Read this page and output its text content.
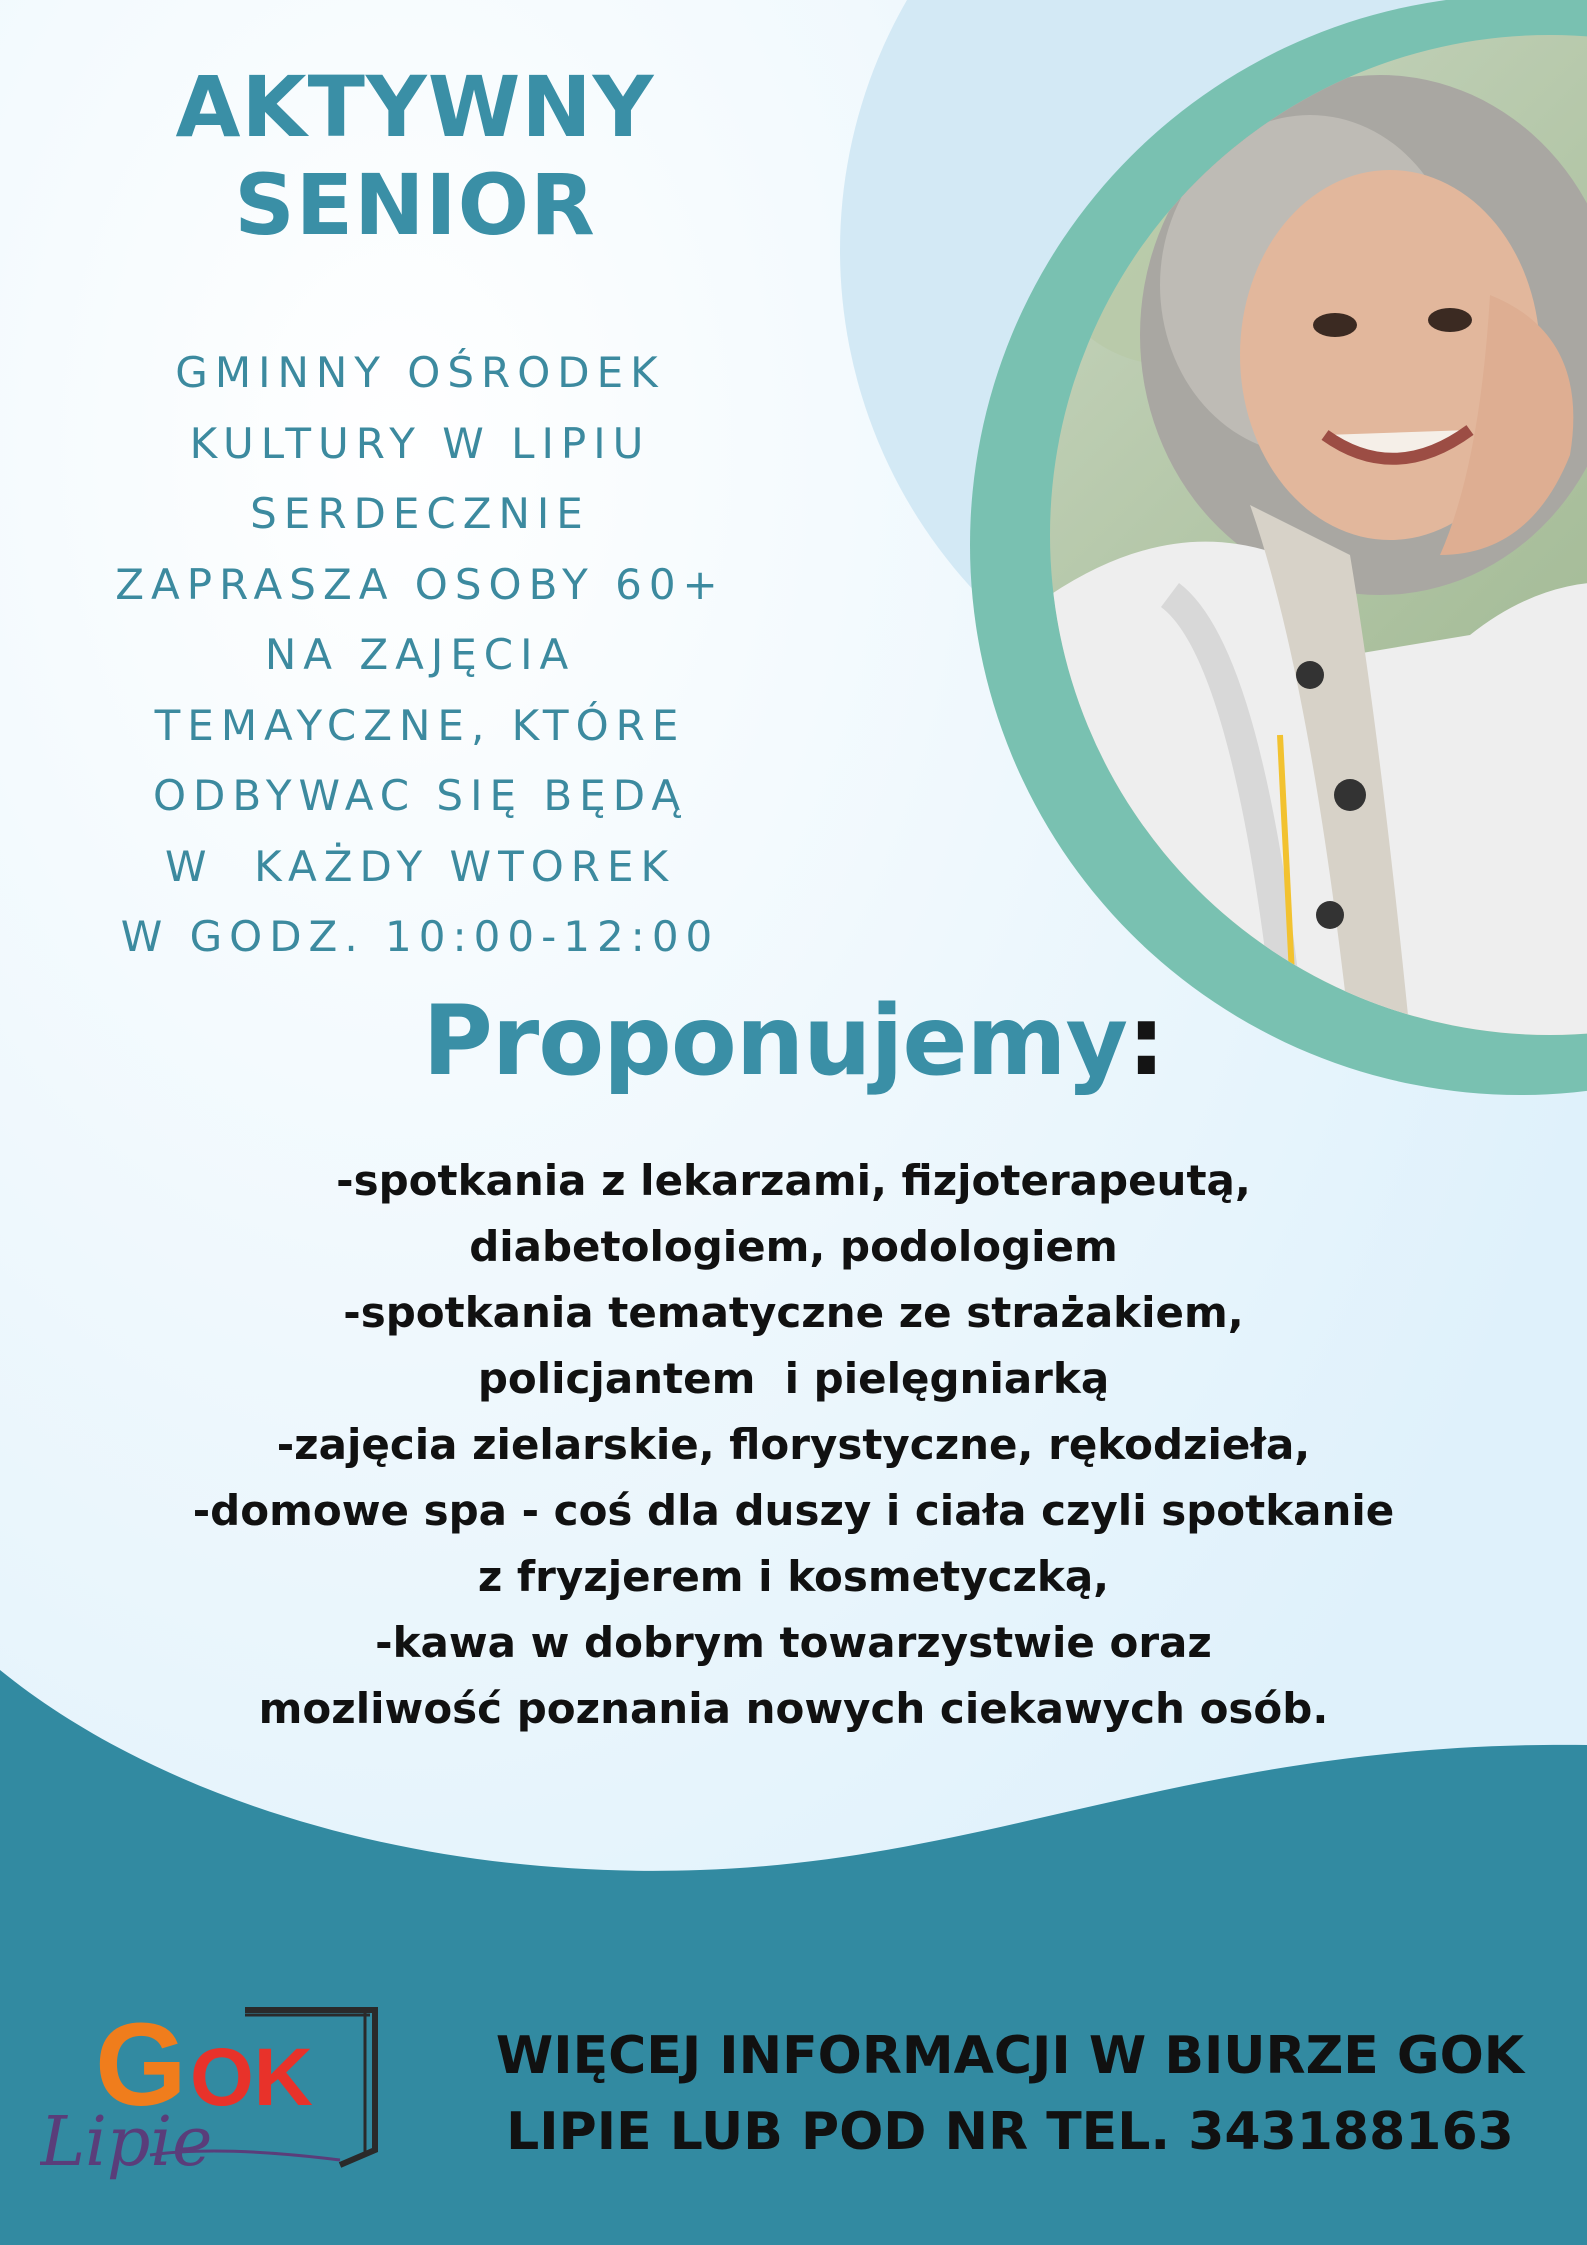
AKTYWNY
SENIOR
GMINNY OŚRODEK
KULTURY W LIPIU
SERDECZNIE
ZAPRASZA OSOBY 60+
NA ZAJĘCIA
TEMAYCZNE, KTÓRE
ODBYWAC SIĘ BĘDĄ
W  KAŻDY WTOREK
W GODZ. 10:00-12:00
Proponujemy:
-spotkania z lekarzami, fizjoterapeutą,
diabetologiem, podologiem
-spotkania tematyczne ze strażakiem,
policjantem  i pielęgniarką
-zajęcia zielarskie, florystyczne, rękodzieła,
-domowe spa - coś dla duszy i ciała czyli spotkanie
z fryzjerem i kosmetyczką,
-kawa w dobrym towarzystwie oraz
mozliwość poznania nowych ciekawych osób.
G OK
Lipie
WIĘCEJ INFORMACJI W BIURZE GOK
LIPIE LUB POD NR TEL. 343188163
